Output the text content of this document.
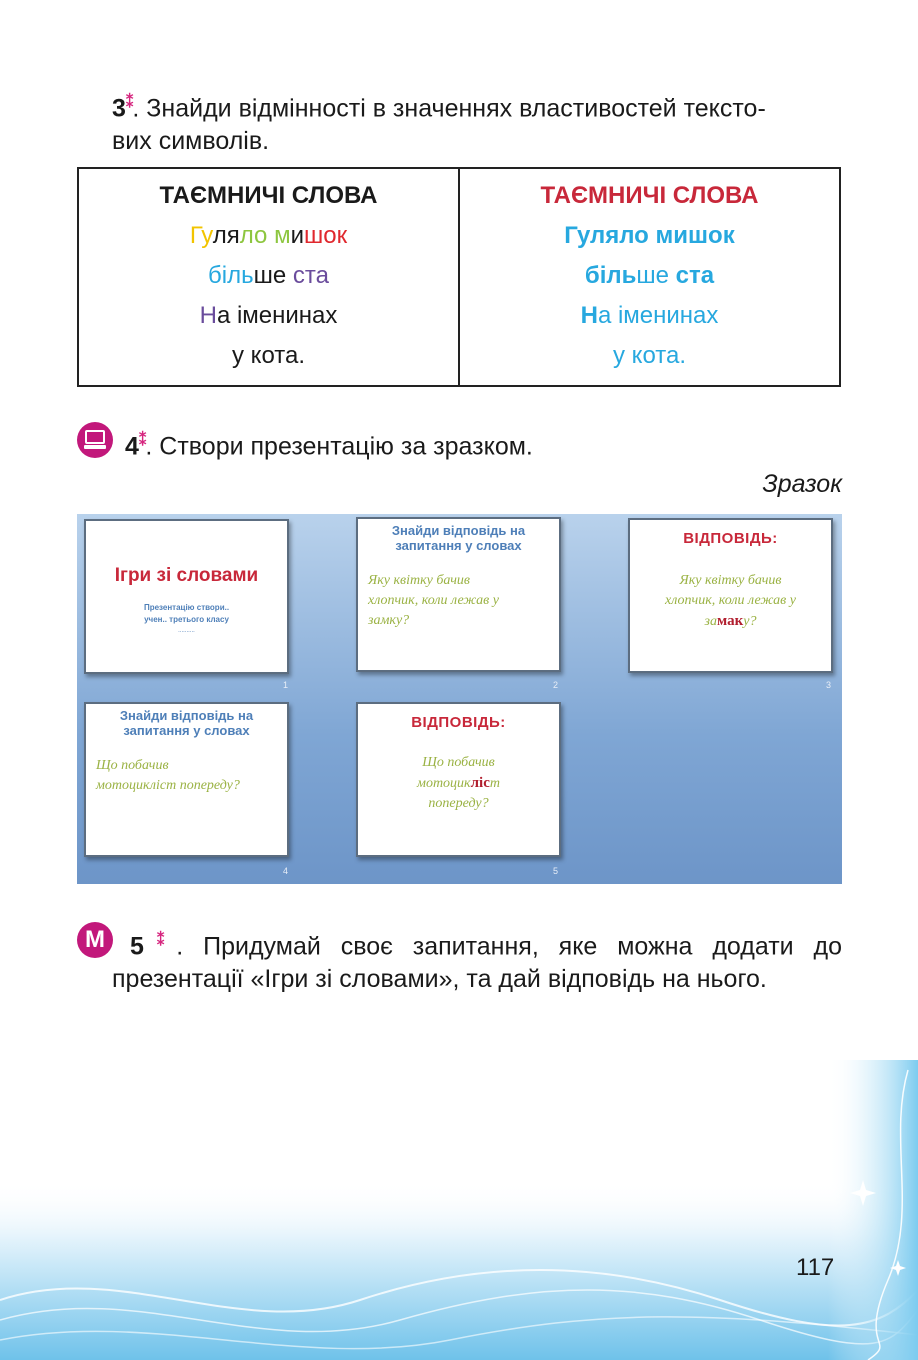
3⁑. Знайди відмінності в значеннях властивостей тексто-
вих символів.
ТАЄМНИЧІ СЛОВА
Гуляло мишок
більше ста
На іменинах
у кота.
ТАЄМНИЧІ СЛОВА
Гуляло мишок
більше ста
На іменинах
у кота.
4⁑. Створи презентацію за зразком.
Зразок
Ігри зі словами
Презентацію створи..
учен.. третього класу
..........
1
Знайди відповідь на
запитання у словах
Яку квітку бачив
хлопчик, коли лежав у
замку?
2
ВІДПОВІДЬ:
Яку квітку бачив
хлопчик, коли лежав у
замаку?
3
Знайди відповідь на
запитання у словах
Що побачив
мотоцикліст попереду?
4
ВІДПОВІДЬ:
Що побачив
мотоцикліст
попереду?
5
М	5⁑. Придумай своє запитання, яке можна додати до
презентації «Ігри зі словами», та дай відповідь на нього.
117
